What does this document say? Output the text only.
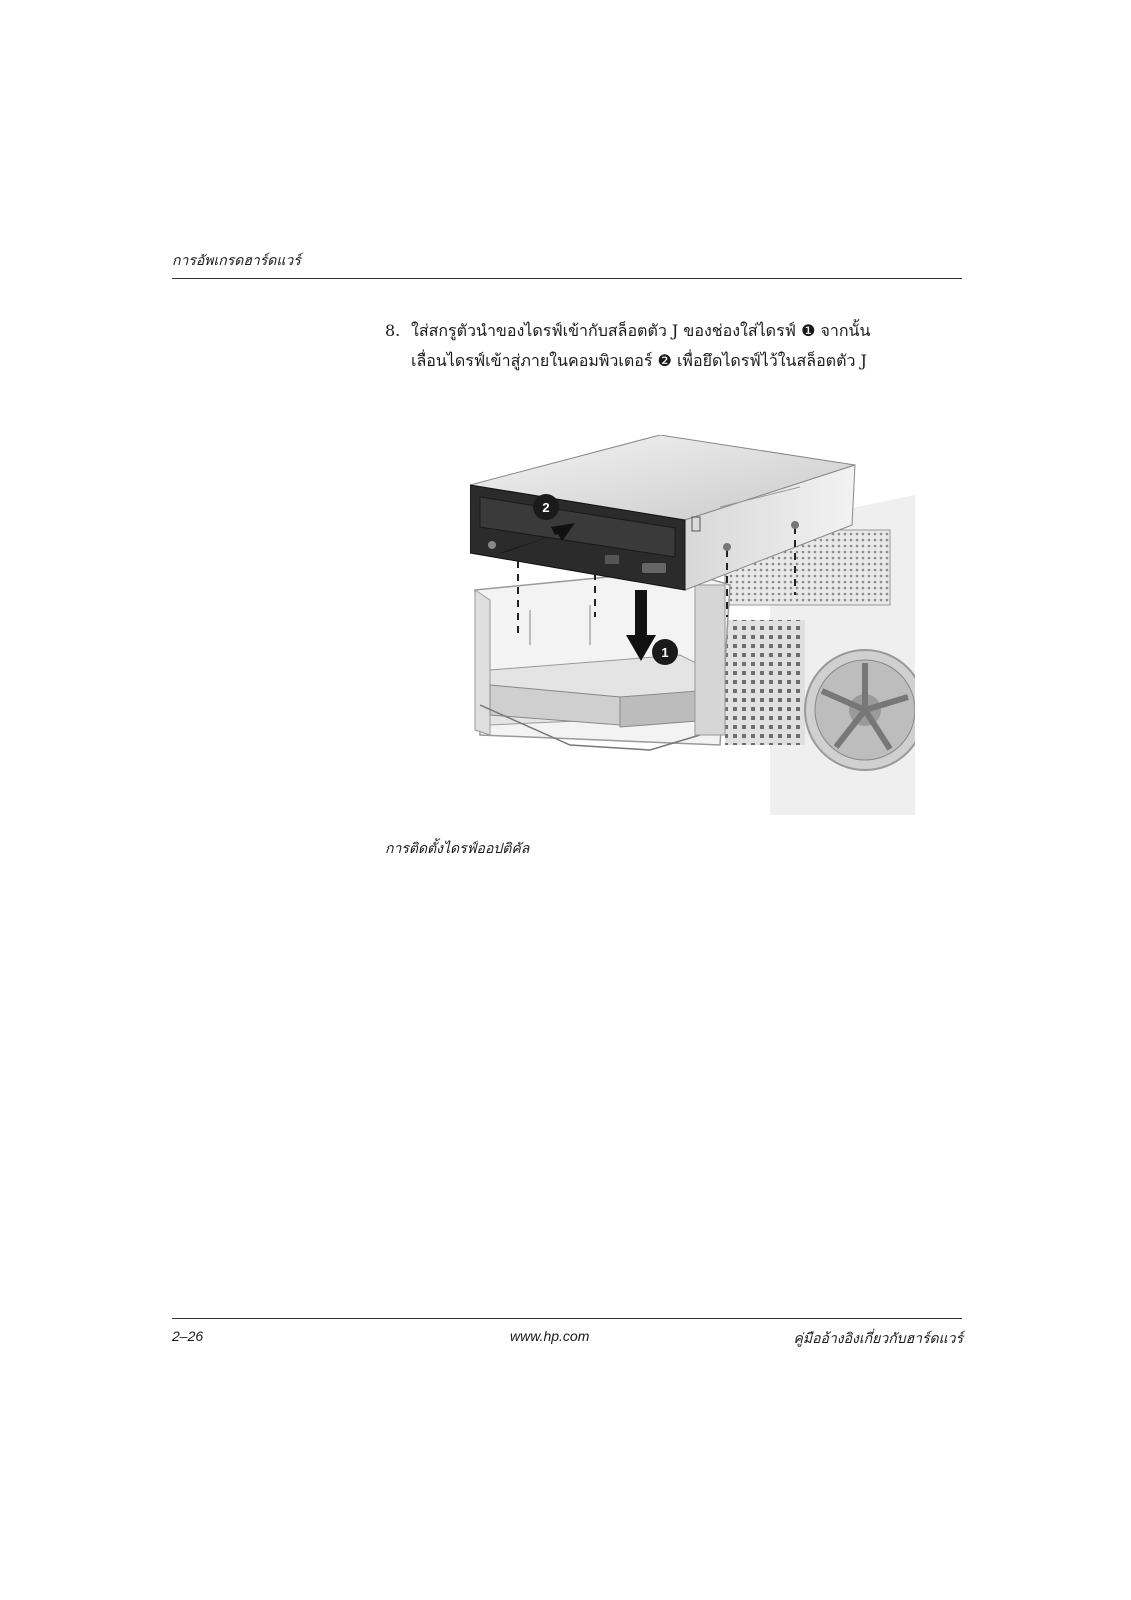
การอัพเกรดฮาร์ดแวร์
8. ใส่สกรูตัวนำของไดรฟ์เข้ากับสล็อตตัว J ของช่องใส่ไดรฟ์ ❶ จากนั้น
เลื่อนไดรฟ์เข้าสู่ภายในคอมพิวเตอร์ ❷ เพื่อยึดไดรฟ์ไว้ในสล็อตตัว J
2
1
การติดตั้งไดรฟ์ออปติคัล
2–26	www.hp.com	คู่มืออ้างอิงเกี่ยวกับฮาร์ดแวร์
